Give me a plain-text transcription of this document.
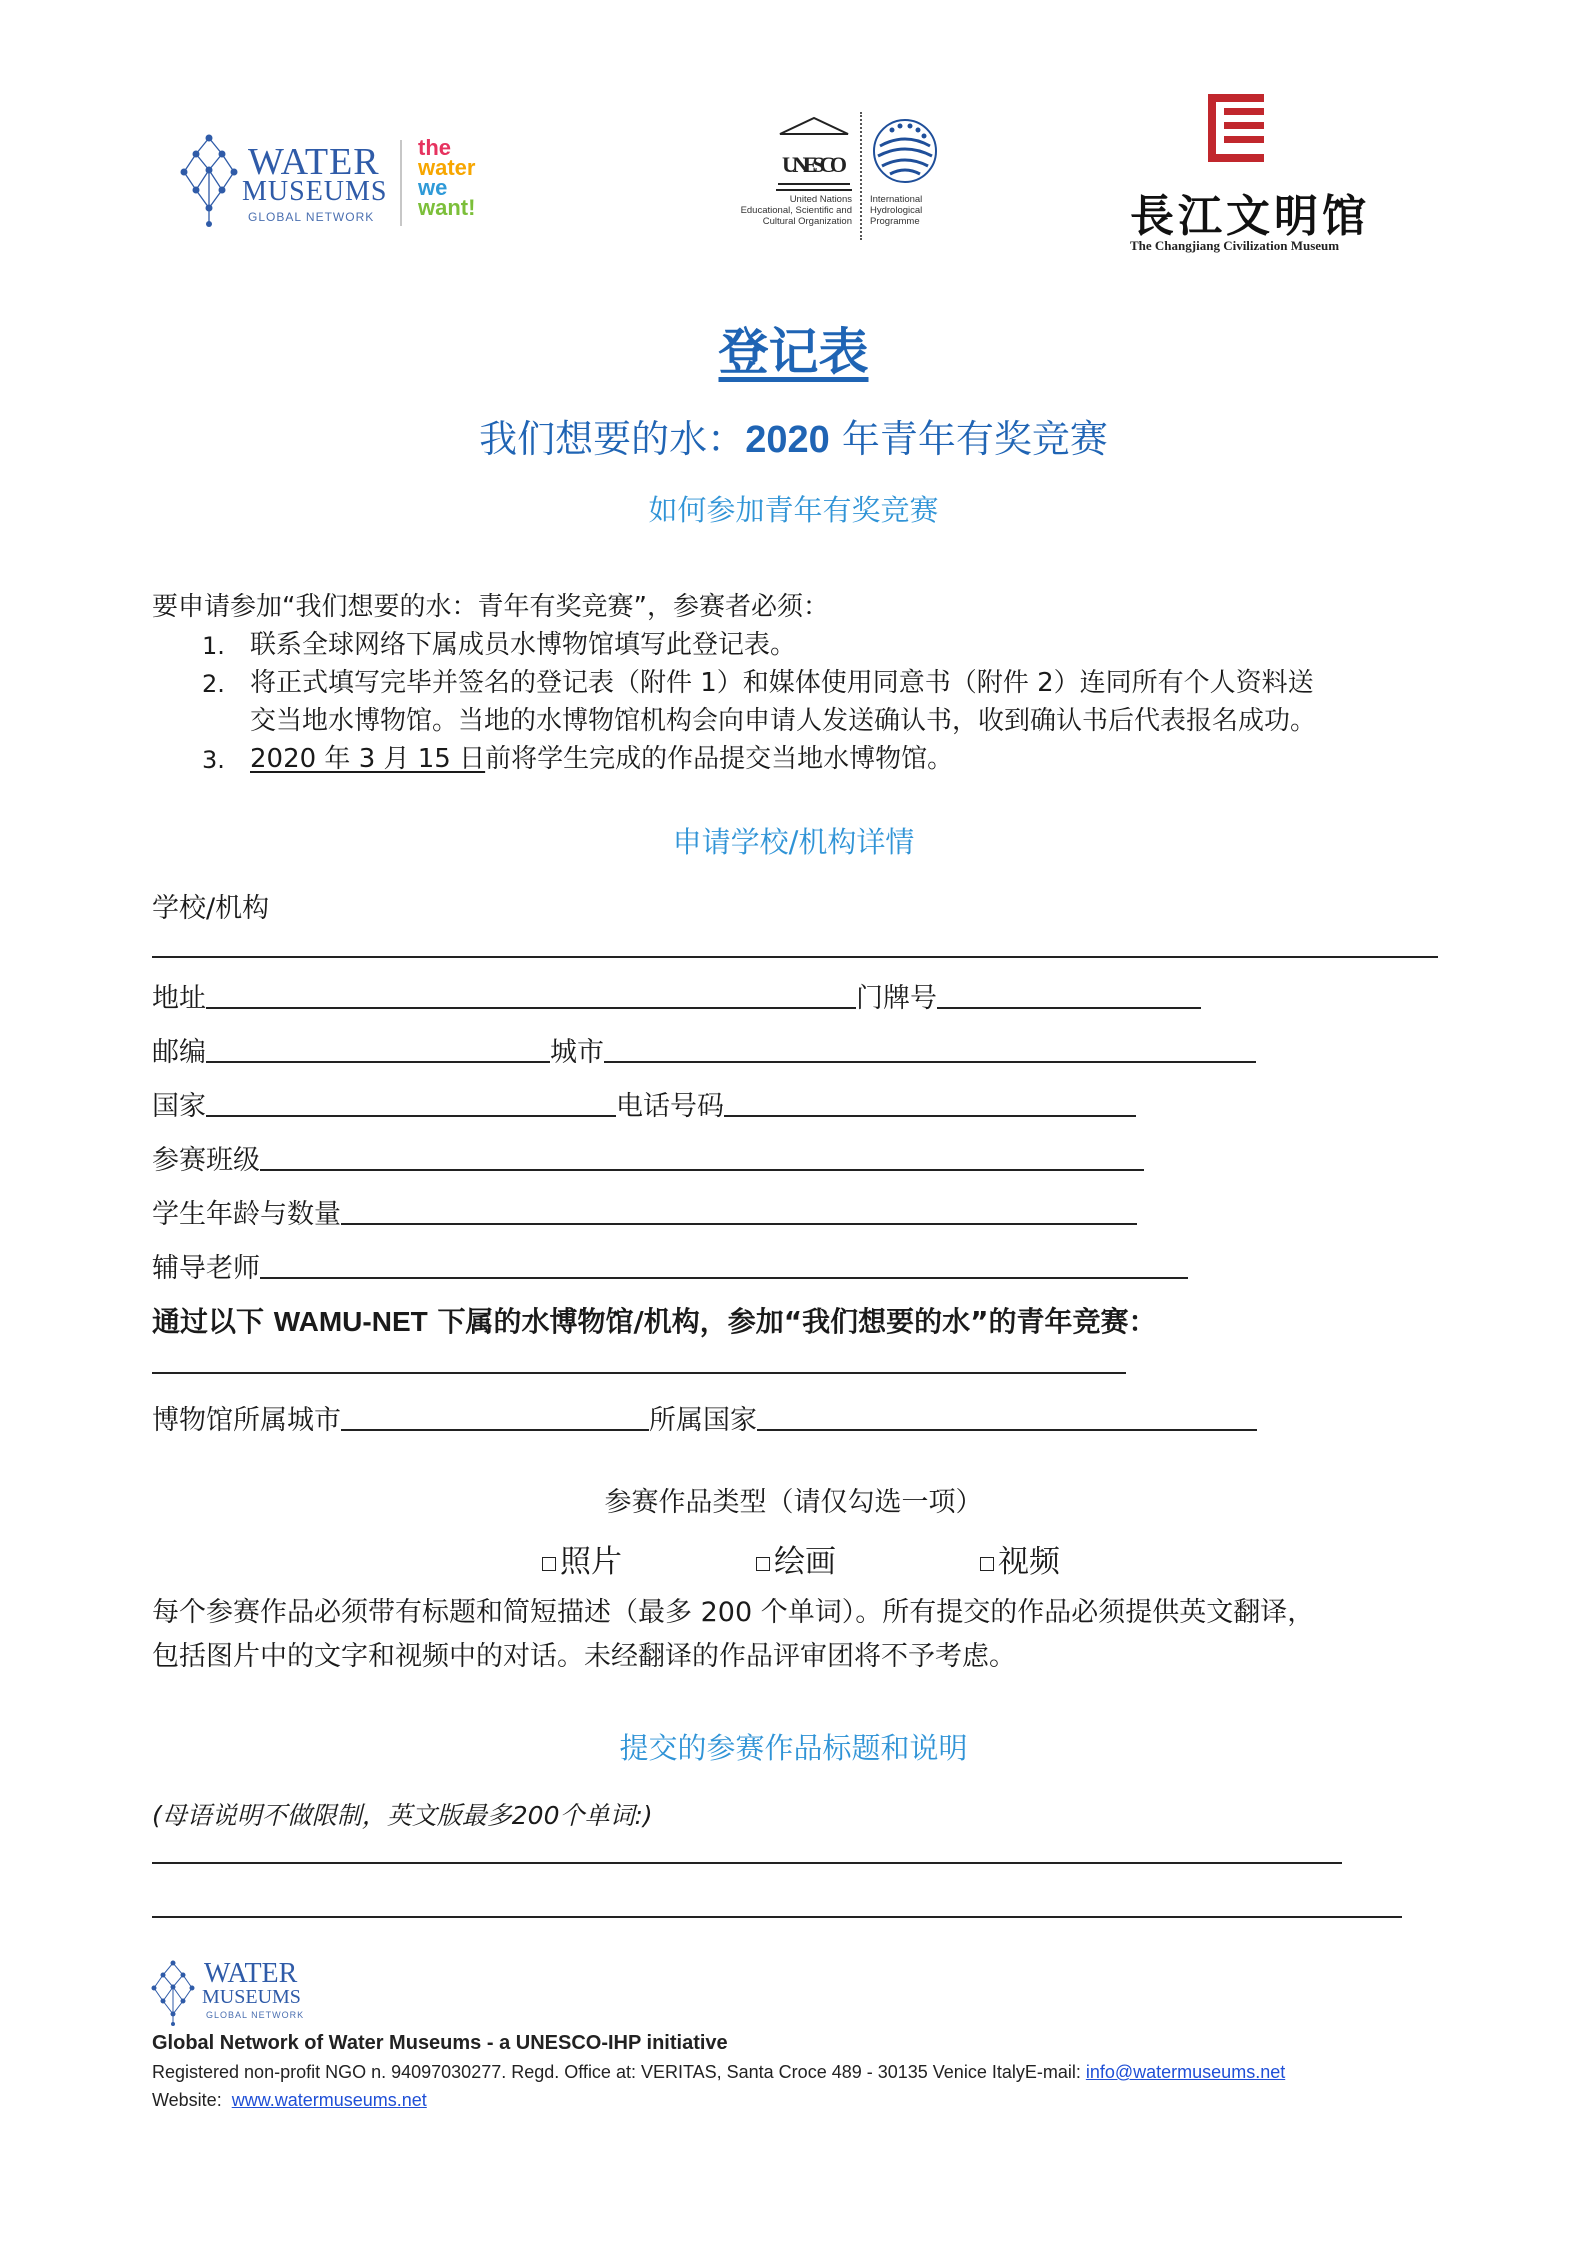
WATER
MUSEUMS
GLOBAL NETWORK
the
water
we
want!
UNESCO
United Nations
Educational, Scientific and
Cultural Organization
International
Hydrological
Programme	長江文明馆
The Changjiang Civilization Museum
登记表
我们想要的水：2020 年青年有奖竞赛
如何参加青年有奖竞赛
要申请参加“我们想要的水：青年有奖竞赛”，参赛者必须：
1. 联系全球网络下属成员水博物馆填写此登记表。
2. 将正式填写完毕并签名的登记表（附件 1）和媒体使用同意书（附件 2）连同所有个人资料送
交当地水博物馆。当地的水博物馆机构会向申请人发送确认书，收到确认书后代表报名成功。
3. 2020 年 3 月 15 日前将学生完成的作品提交当地水博物馆。
申请学校/机构详情
学校/机构
地址	门牌号
邮编	城市
国家	电话号码
参赛班级
学生年龄与数量
辅导老师
通过以下 WAMU-NET 下属的水博物馆/机构，参加“我们想要的水”的青年竞赛：
博物馆所属城市	所属国家
参赛作品类型（请仅勾选一项）
照片	绘画	视频
每个参赛作品必须带有标题和简短描述（最多 200 个单词）。所有提交的作品必须提供英文翻译，
包括图片中的文字和视频中的对话。未经翻译的作品评审团将不予考虑。
提交的参赛作品标题和说明
(母语说明不做限制，英文版最多200个单词:)
WATER
MUSEUMS
GLOBAL NETWORK
Global Network of Water Museums - a UNESCO-IHP initiative
Registered non-profit NGO n. 94097030277. Regd. Office at: VERITAS, Santa Croce 489 - 30135 Venice ItalyE-mail: info@watermuseums.net
Website:  www.watermuseums.net
